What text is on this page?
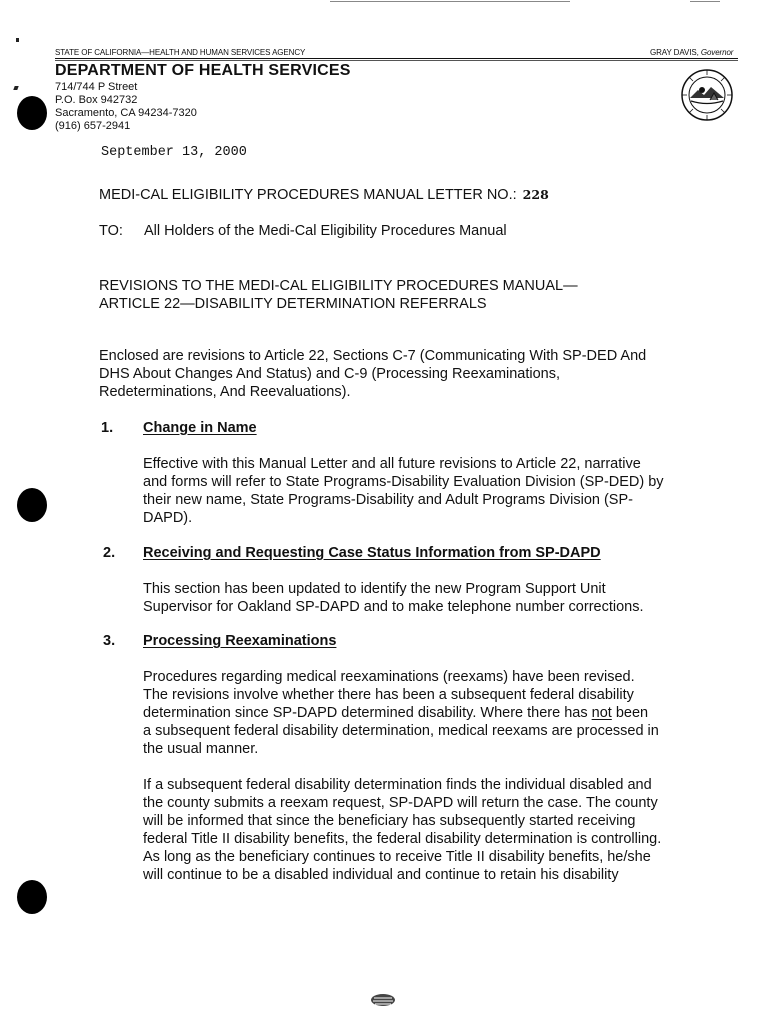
STATE OF CALIFORNIA—HEALTH AND HUMAN SERVICES AGENCY	GRAY DAVIS, Governor
DEPARTMENT OF HEALTH SERVICES
714/744 P Street
P.O. Box 942732
Sacramento, CA 94234-7320
(916) 657-2941
September 13, 2000
MEDI-CAL ELIGIBILITY PROCEDURES MANUAL LETTER NO.: 228
TO: All Holders of the Medi-Cal Eligibility Procedures Manual

REVISIONS TO THE MEDI-CAL ELIGIBILITY PROCEDURES MANUAL—

ARTICLE 22—DISABILITY DETERMINATION REFERRALS

Enclosed are revisions to Article 22, Sections C-7 (Communicating With SP-DED And

DHS About Changes And Status) and C-9 (Processing Reexaminations,

Redeterminations, And Reevaluations).

1. Change in Name

Effective with this Manual Letter and all future revisions to Article 22, narrative

and forms will refer to State Programs-Disability Evaluation Division (SP-DED) by

their new name, State Programs-Disability and Adult Programs Division (SP-

DAPD).

2. Receiving and Requesting Case Status Information from SP-DAPD

This section has been updated to identify the new Program Support Unit

Supervisor for Oakland SP-DAPD and to make telephone number corrections.

3. Processing Reexaminations

Procedures regarding medical reexaminations (reexams) have been revised.

The revisions involve whether there has been a subsequent federal disability

determination since SP-DAPD determined disability. Where there has not been

a subsequent federal disability determination, medical reexams are processed in

the usual manner.

If a subsequent federal disability determination finds the individual disabled and

the county submits a reexam request, SP-DAPD will return the case. The county

will be informed that since the beneficiary has subsequently started receiving

federal Title II disability benefits, the federal disability determination is controlling.

As long as the beneficiary continues to receive Title II disability benefits, he/she

will continue to be a disabled individual and continue to retain his disability
